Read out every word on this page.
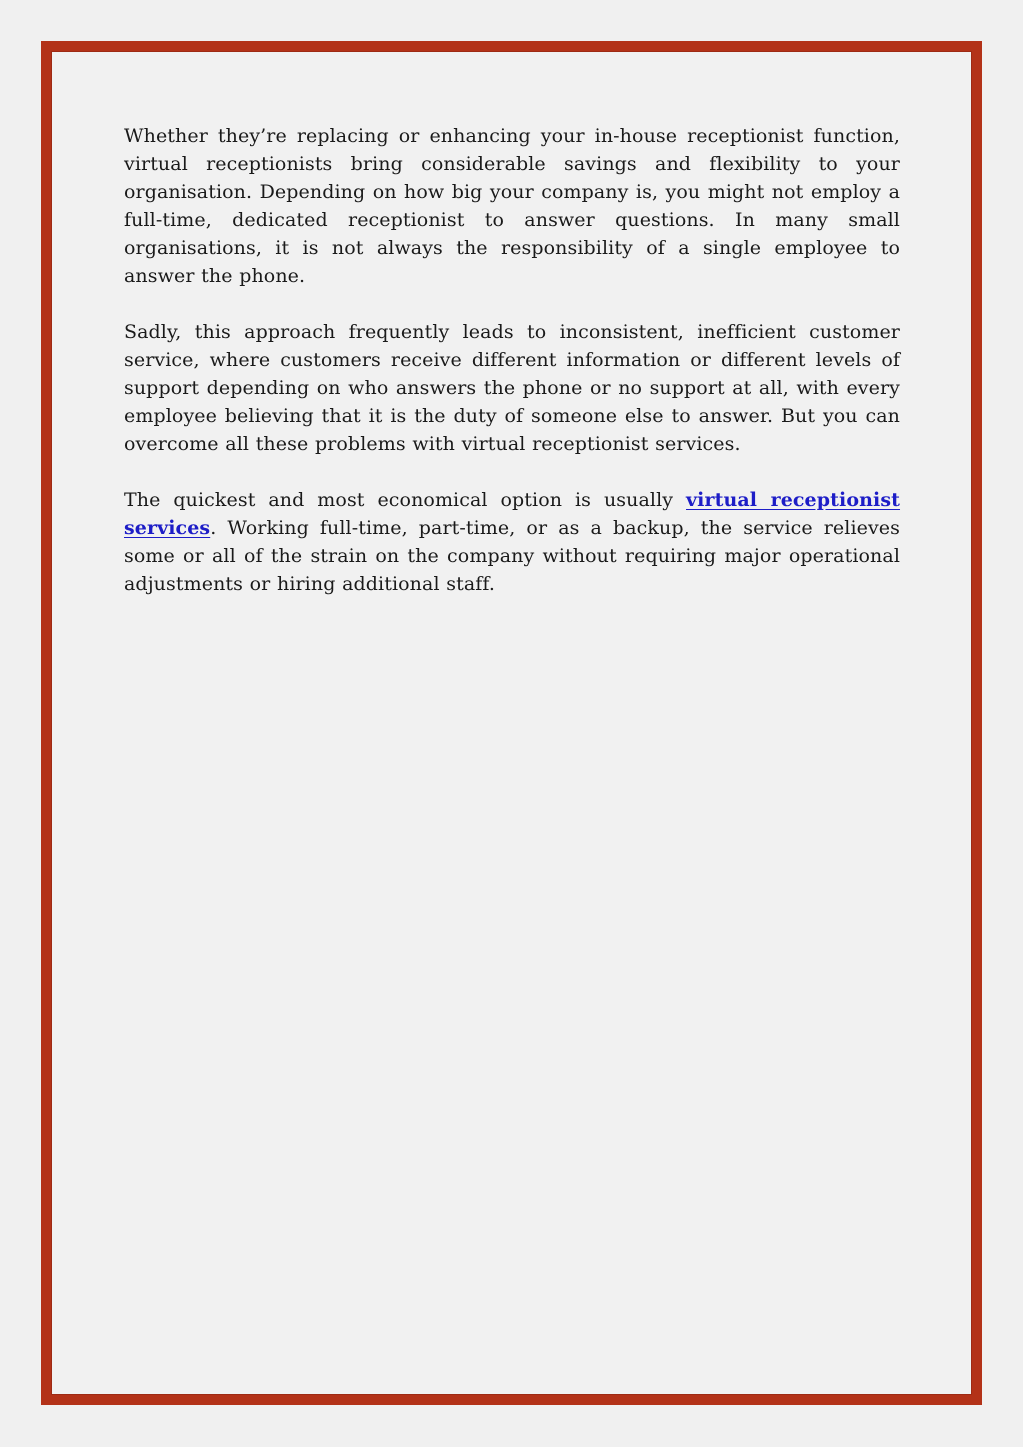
Whether they’re replacing or enhancing your in-house receptionist function, virtual receptionists bring considerable savings and flexibility to your organisation. Depending on how big your company is, you might not employ a full-time, dedicated receptionist to answer questions. In many small organisations, it is not always the responsibility of a single employee to answer the phone.

Sadly, this approach frequently leads to inconsistent, inefficient customer service, where customers receive different information or different levels of support depending on who answers the phone or no support at all, with every employee believing that it is the duty of someone else to answer. But you can overcome all these problems with virtual receptionist services.

The quickest and most economical option is usually virtual receptionist services. Working full-time, part-time, or as a backup, the service relieves some or all of the strain on the company without requiring major operational adjustments or hiring additional staff.
